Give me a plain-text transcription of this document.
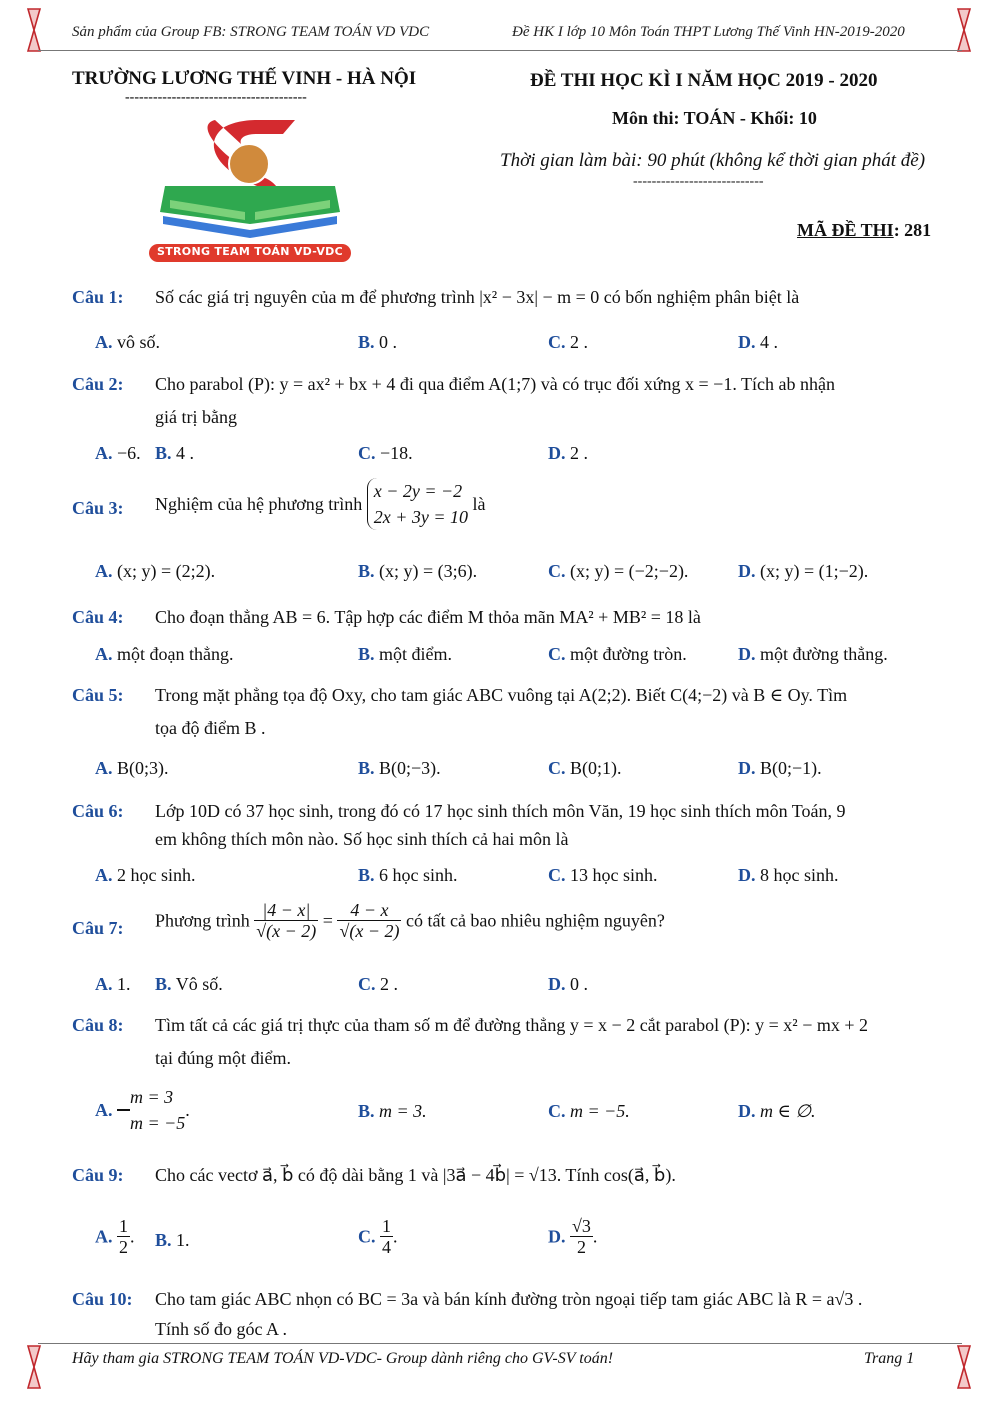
Sản phẩm của Group FB: STRONG TEAM TOÁN VD VDC	Đề HK I lớp 10 Môn Toán THPT Lương Thế Vinh HN-2019-2020
TRƯỜNG LƯƠNG THẾ VINH - HÀ NỘI
---------------------------------------
STRONG TEAM TOÁN VD-VDC
ĐỀ THI HỌC KÌ I NĂM HỌC 2019 - 2020
Môn thi: TOÁN - Khối: 10
Thời gian làm bài: 90 phút (không kể thời gian phát đề)
----------------------------
MÃ ĐỀ THI: 281
Câu 1:	Số các giá trị nguyên của m để phương trình |x² − 3x| − m = 0 có bốn nghiệm phân biệt là
A. vô số.	B. 0 .	C. 2 .	D. 4 .
Câu 2:	Cho parabol (P): y = ax² + bx + 4 đi qua điểm A(1;7) và có trục đối xứng x = −1. Tích ab nhận
giá trị bằng
A. −6. B. 4 .	C. −18.	D. 2 .
Câu 3:	Nghiệm của hệ phương trình
x − 2y = −2
2x + 3y = 10
là
A. (x; y) = (2;2).	B. (x; y) = (3;6).	C. (x; y) = (−2;−2).	D. (x; y) = (1;−2).
Câu 4:	Cho đoạn thẳng AB = 6. Tập hợp các điểm M thỏa mãn MA² + MB² = 18 là
A. một đoạn thẳng.	B. một điểm.	C. một đường tròn.	D. một đường thẳng.
Câu 5:	Trong mặt phẳng tọa độ Oxy, cho tam giác ABC vuông tại A(2;2). Biết C(4;−2) và B ∈ Oy. Tìm
tọa độ điểm B .
A. B(0;3).	B. B(0;−3).	C. B(0;1).	D. B(0;−1).
Câu 6:	Lớp 10D có 37 học sinh, trong đó có 17 học sinh thích môn Văn, 19 học sinh thích môn Toán, 9
em không thích môn nào. Số học sinh thích cả hai môn là
A. 2 học sinh.	B. 6 học sinh.	C. 13 học sinh.	D. 8 học sinh.
Câu 7:	Phương trình $\frac{|4 - x|}{√(x - 2)} = \frac{4 - x}{√(x - 2)}$ có tất cả bao nhiêu nghiệm nguyên?
A. 1. B. Vô số.	C. 2 .	D. 0 .
Câu 8:	Tìm tất cả các giá trị thực của tham số m để đường thẳng y = x − 2 cắt parabol (P): y = x² − mx + 2
tại đúng một điểm.
A.
m = 3
m = −5
.	B. m = 3.	C. m = −5.	D. m ∈ ∅.
Câu 9:	Cho các vectơ a⃗, b⃗ có độ dài bằng 1 và |3a⃗ − 4b⃗| = √13. Tính cos(a⃗, b⃗).
A. $\frac{1}{2}$ . B. 1.	C. $\frac{1}{4}$ .	D. $\frac{√3}{2}$ .
Câu 10:	Cho tam giác ABC nhọn có BC = 3a và bán kính đường tròn ngoại tiếp tam giác ABC là R = a√3 .
Tính số đo góc A .
Hãy tham gia STRONG TEAM TOÁN VD-VDC- Group dành riêng cho GV-SV toán!	Trang 1
